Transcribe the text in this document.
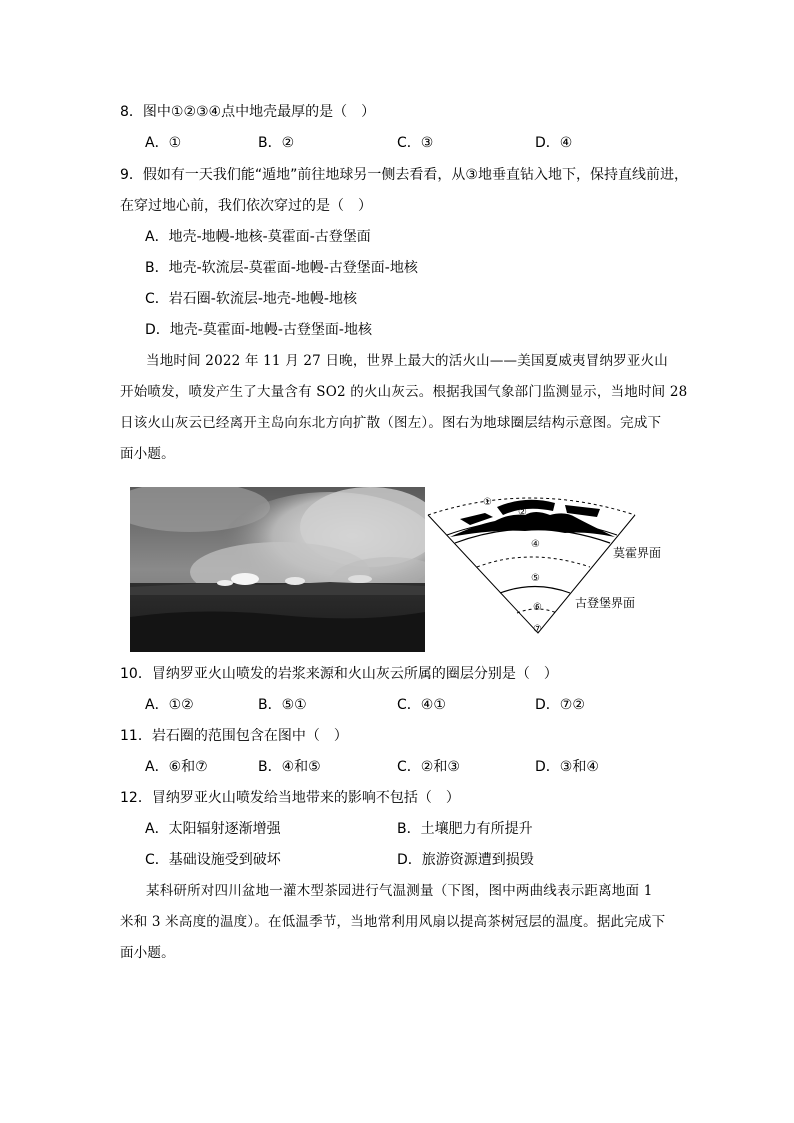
8．图中①②③④点中地壳最厚的是（　）
A．①	B．②	C．③	D．④
9．假如有一天我们能“遁地”前往地球另一侧去看看，从③地垂直钻入地下，保持直线前进，
在穿过地心前，我们依次穿过的是（　）
A．地壳-地幔-地核-莫霍面-古登堡面
B．地壳-软流层-莫霍面-地幔-古登堡面-地核
C．岩石圈-软流层-地壳-地幔-地核
D．地壳-莫霍面-地幔-古登堡面-地核
当地时间 2022 年 11 月 27 日晚，世界上最大的活火山——美国夏威夷冒纳罗亚火山
开始喷发，喷发产生了大量含有 SO2 的火山灰云。根据我国气象部门监测显示，当地时间 28
日该火山灰云已经离开主岛向东北方向扩散（图左）。图右为地球圈层结构示意图。完成下
面小题。
①
②
⑤
④
⑤
⑥
⑦
莫霍界面
古登堡界面
10．冒纳罗亚火山喷发的岩浆来源和火山灰云所属的圈层分别是（　）
A．①②	B．⑤①	C．④①	D．⑦②
11．岩石圈的范围包含在图中（　）
A．⑥和⑦	B．④和⑤	C．②和③	D．③和④
12．冒纳罗亚火山喷发给当地带来的影响不包括（　）
A．太阳辐射逐渐增强	B．土壤肥力有所提升
C．基础设施受到破坏	D．旅游资源遭到损毁
某科研所对四川盆地一灌木型茶园进行气温测量（下图，图中两曲线表示距离地面 1
米和 3 米高度的温度）。在低温季节，当地常利用风扇以提高茶树冠层的温度。据此完成下
面小题。
